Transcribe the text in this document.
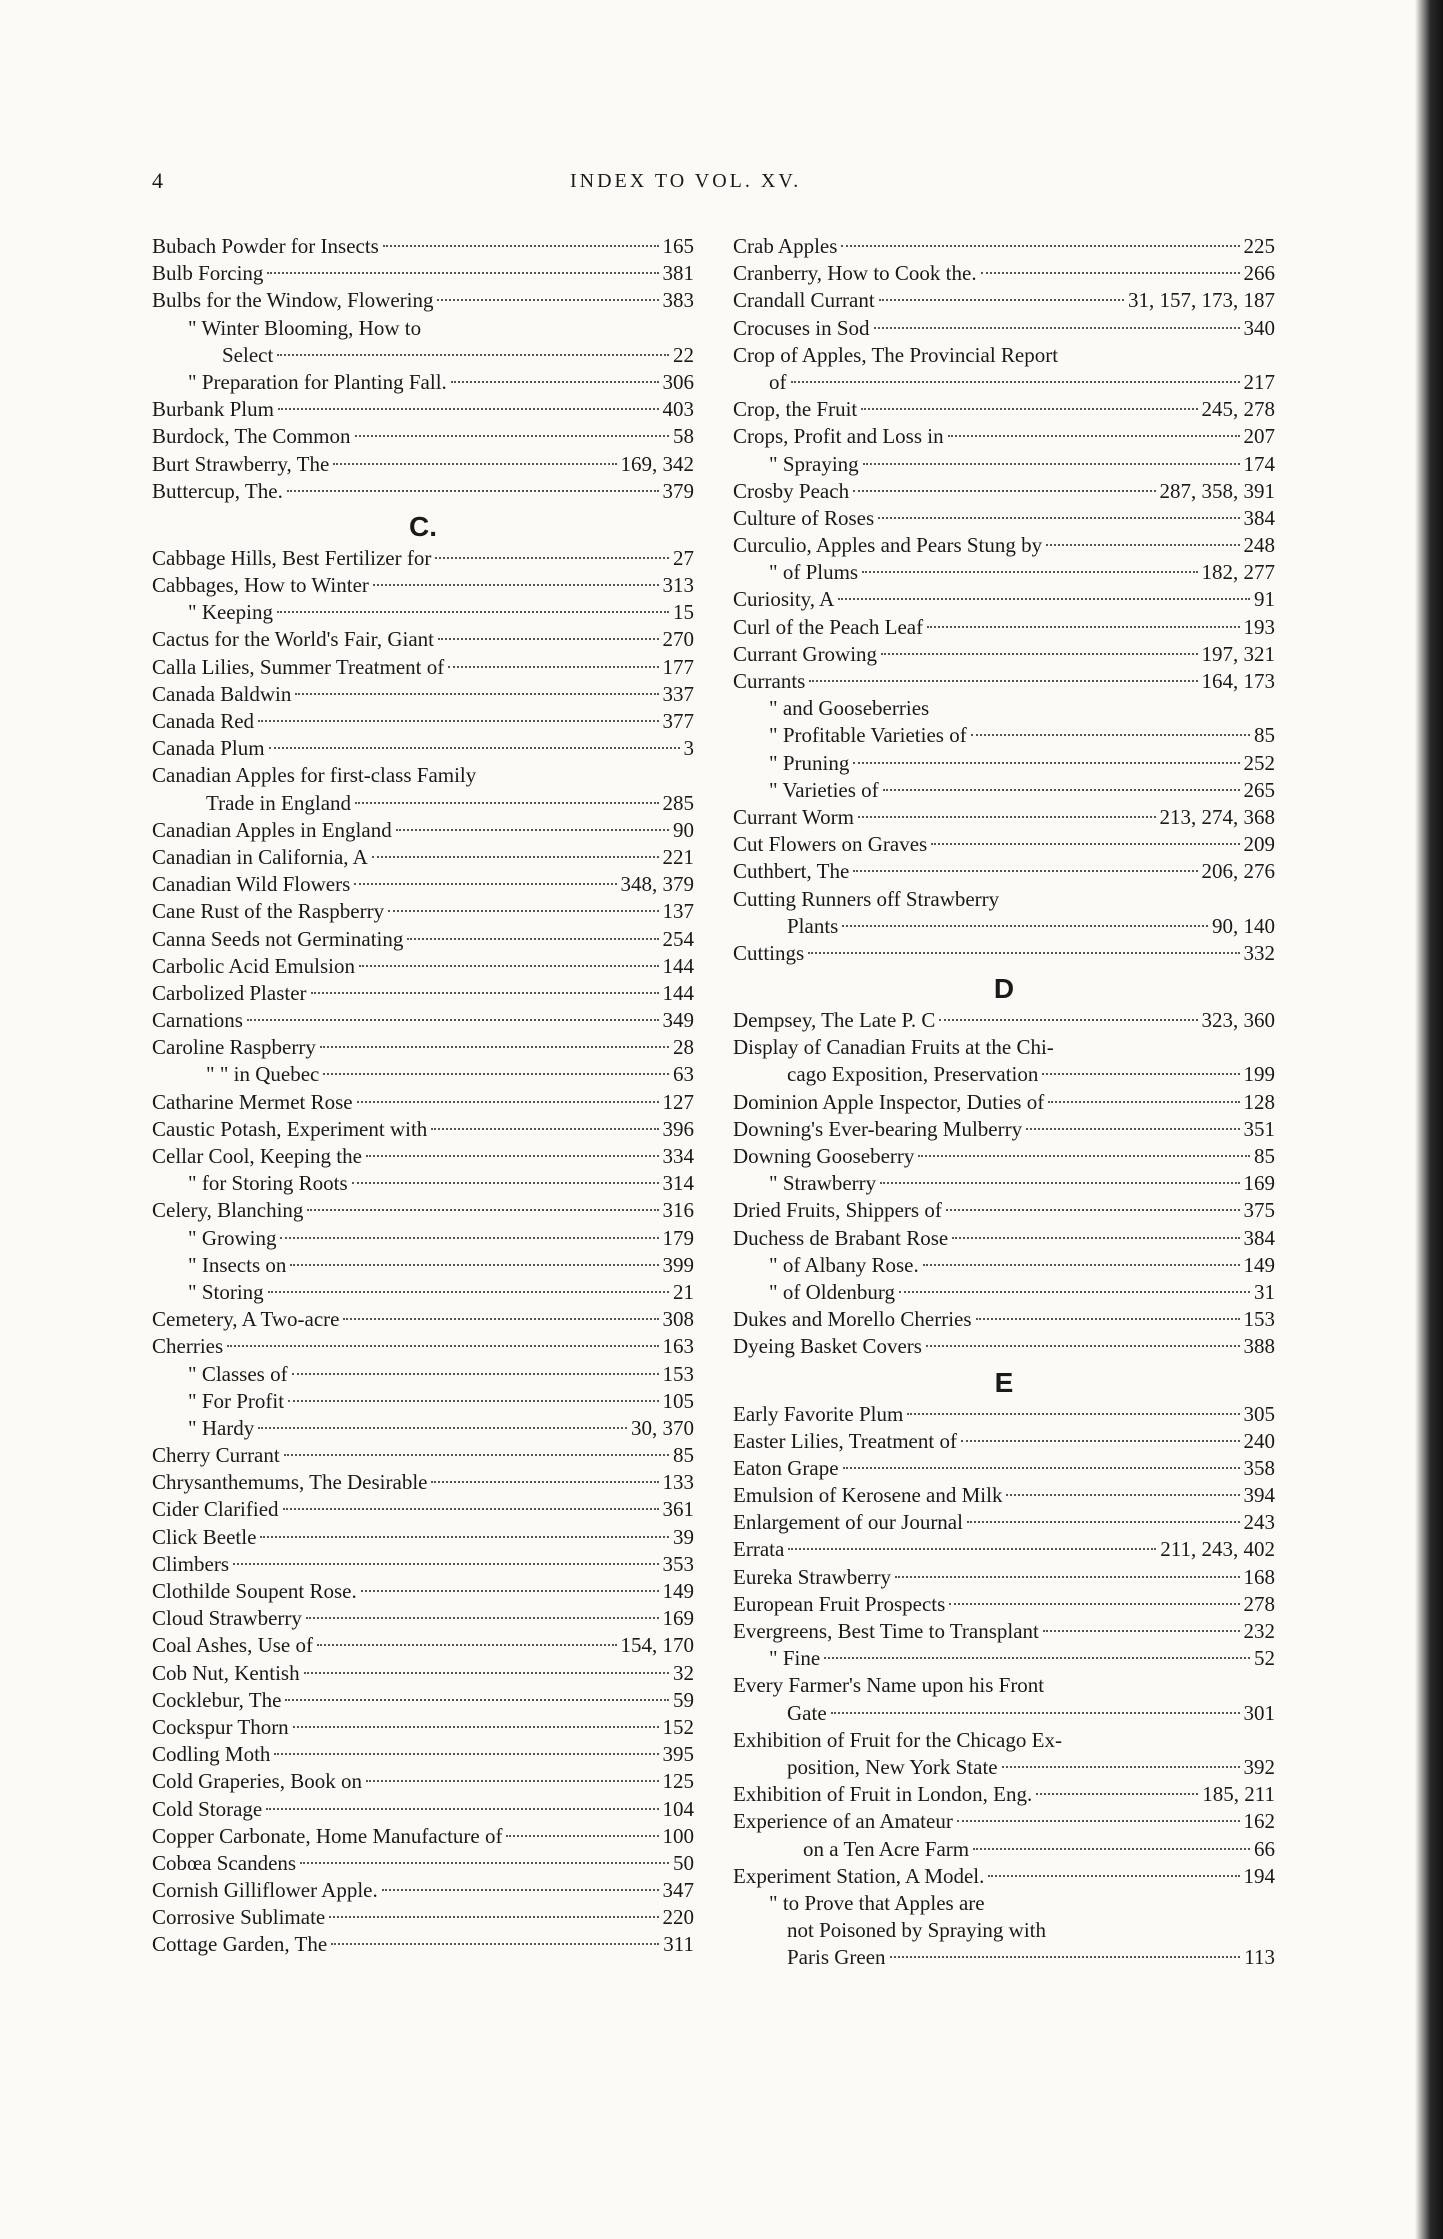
4	INDEX TO VOL. XV.
Bubach Powder for Insects	165
Bulb Forcing	381
Bulbs for the Window, Flowering	383
" Winter Blooming, How to
Select	22
" Preparation for Planting Fall.	306
Burbank Plum	403
Burdock, The Common	58
Burt Strawberry, The	169, 342
Buttercup, The.	379
C.
Cabbage Hills, Best Fertilizer for	27
Cabbages, How to Winter	313
" Keeping	15
Cactus for the World's Fair, Giant	270
Calla Lilies, Summer Treatment of	177
Canada Baldwin	337
Canada Red	377
Canada Plum	3
Canadian Apples for first-class Family
Trade in England	285
Canadian Apples in England	90
Canadian in California, A	221
Canadian Wild Flowers	348, 379
Cane Rust of the Raspberry	137
Canna Seeds not Germinating	254
Carbolic Acid Emulsion	144
Carbolized Plaster	144
Carnations	349
Caroline Raspberry	28
" " in Quebec	63
Catharine Mermet Rose	127
Caustic Potash, Experiment with	396
Cellar Cool, Keeping the	334
" for Storing Roots	314
Celery, Blanching	316
" Growing	179
" Insects on	399
" Storing	21
Cemetery, A Two-acre	308
Cherries	163
" Classes of	153
" For Profit	105
" Hardy	30, 370
Cherry Currant	85
Chrysanthemums, The Desirable	133
Cider Clarified	361
Click Beetle	39
Climbers	353
Clothilde Soupent Rose.	149
Cloud Strawberry	169
Coal Ashes, Use of	154, 170
Cob Nut, Kentish	32
Cocklebur, The	59
Cockspur Thorn	152
Codling Moth	395
Cold Graperies, Book on	125
Cold Storage	104
Copper Carbonate, Home Manufacture of	100
Cobœa Scandens	50
Cornish Gilliflower Apple.	347
Corrosive Sublimate	220
Cottage Garden, The	311
Crab Apples	225
Cranberry, How to Cook the.	266
Crandall Currant	31, 157, 173, 187
Crocuses in Sod	340
Crop of Apples, The Provincial Report
of	217
Crop, the Fruit	245, 278
Crops, Profit and Loss in	207
" Spraying	174
Crosby Peach	287, 358, 391
Culture of Roses	384
Curculio, Apples and Pears Stung by	248
" of Plums	182, 277
Curiosity, A	91
Curl of the Peach Leaf	193
Currant Growing	197, 321
Currants	164, 173
" and Gooseberries
" Profitable Varieties of	85
" Pruning	252
" Varieties of	265
Currant Worm	213, 274, 368
Cut Flowers on Graves	209
Cuthbert, The	206, 276
Cutting Runners off Strawberry
Plants	90, 140
Cuttings	332
D
Dempsey, The Late P. C	323, 360
Display of Canadian Fruits at the Chi-
cago Exposition, Preservation	199
Dominion Apple Inspector, Duties of	128
Downing's Ever-bearing Mulberry	351
Downing Gooseberry	85
" Strawberry	169
Dried Fruits, Shippers of	375
Duchess de Brabant Rose	384
" of Albany Rose.	149
" of Oldenburg	31
Dukes and Morello Cherries	153
Dyeing Basket Covers	388
E
Early Favorite Plum	305
Easter Lilies, Treatment of	240
Eaton Grape	358
Emulsion of Kerosene and Milk	394
Enlargement of our Journal	243
Errata	211, 243, 402
Eureka Strawberry	168
European Fruit Prospects	278
Evergreens, Best Time to Transplant	232
" Fine	52
Every Farmer's Name upon his Front
Gate	301
Exhibition of Fruit for the Chicago Ex-
position, New York State	392
Exhibition of Fruit in London, Eng.	185, 211
Experience of an Amateur	162
on a Ten Acre Farm	66
Experiment Station, A Model.	194
" to Prove that Apples are
not Poisoned by Spraying with
Paris Green	113
